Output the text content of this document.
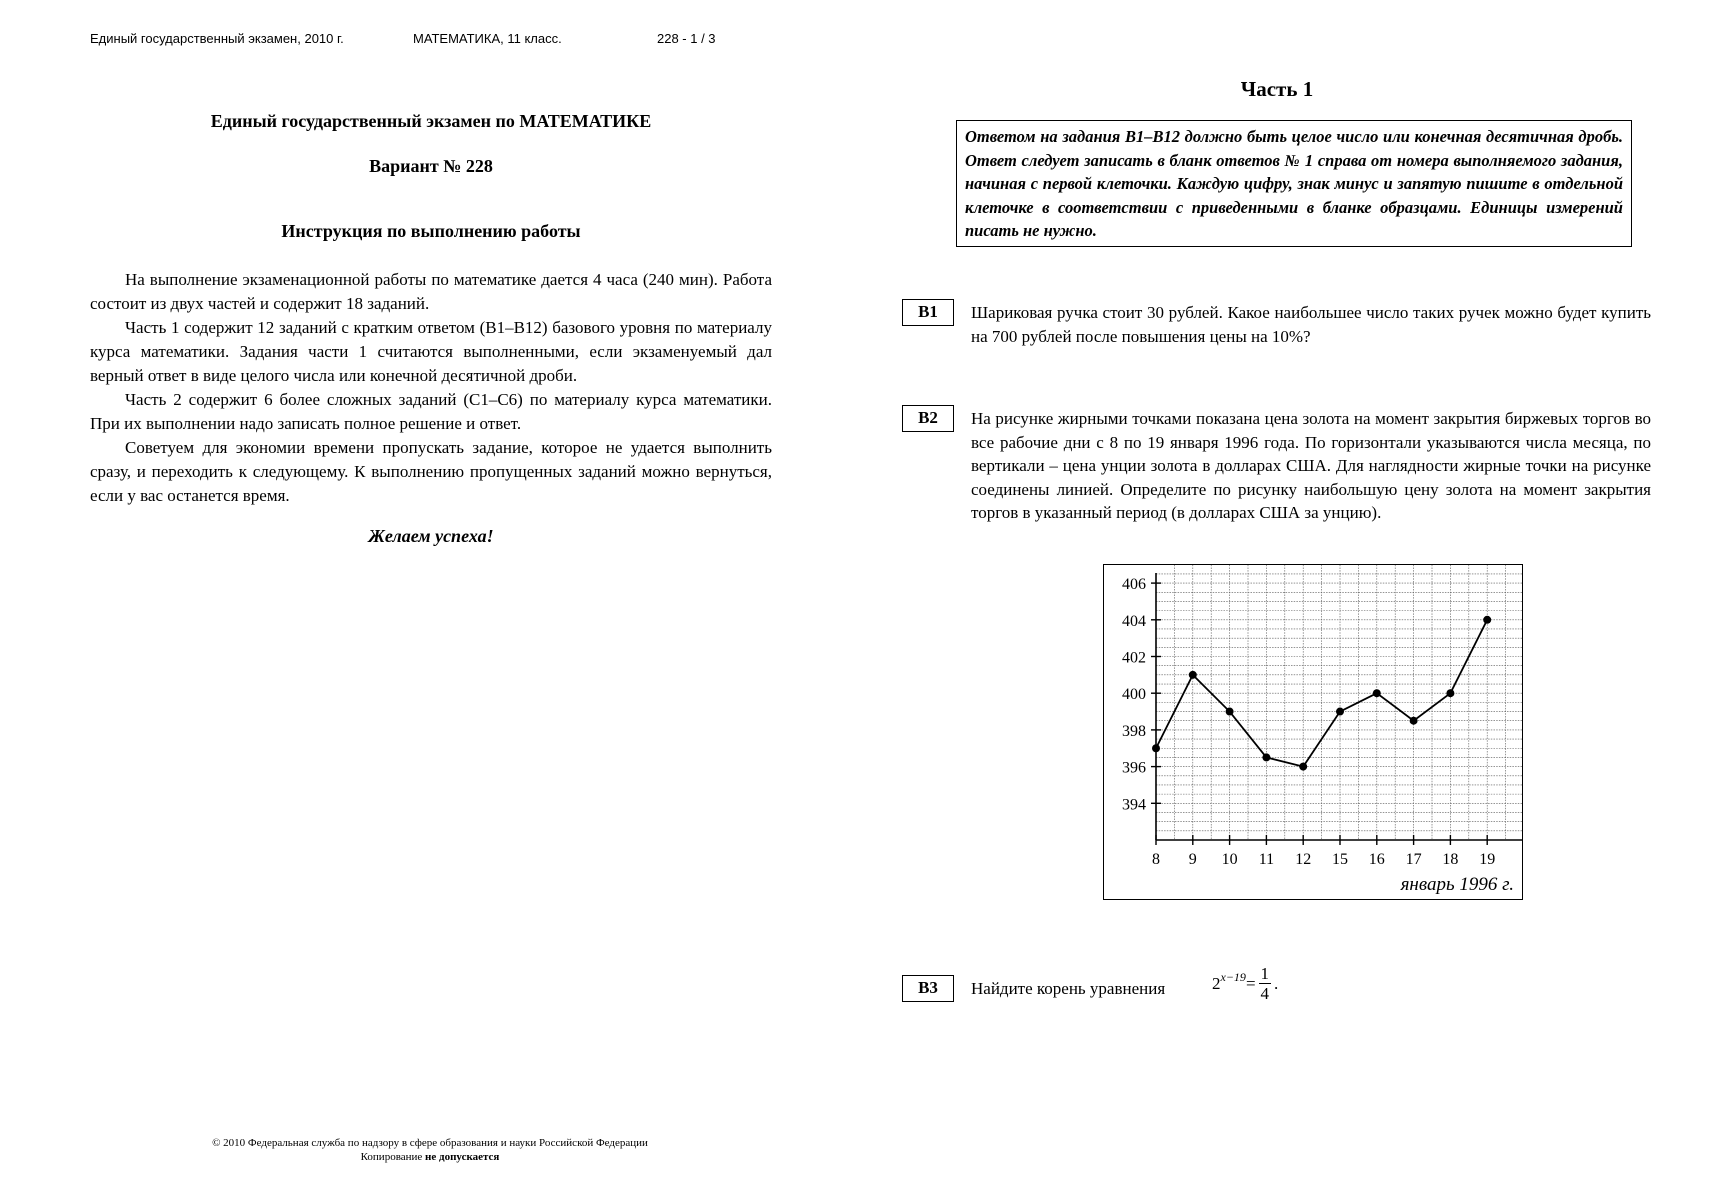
Единый государственный экзамен, 2010 г.	МАТЕМАТИКА, 11 класс.	228 - 1 / 3

Единый государственный экзамен по МАТЕМАТИКЕ

Вариант № 228

Инструкция по выполнению работы

На выполнение экзаменационной работы по математике дается 4 часа (240 мин). Работа состоит из двух частей и содержит 18 заданий.

Часть 1 содержит 12 заданий с кратким ответом (B1–B12) базового уровня по материалу курса математики. Задания части 1 считаются выполненными, если экзаменуемый дал верный ответ в виде целого числа или конечной десятичной дроби.

Часть 2 содержит 6 более сложных заданий (C1–C6) по материалу курса математики. При их выполнении надо записать полное решение и ответ.

Советуем для экономии времени пропускать задание, которое не удается выполнить сразу, и переходить к следующему. К выполнению пропущенных заданий можно вернуться, если у вас останется время.

Желаем успеха!
© 2010 Федеральная служба по надзору в сфере образования и науки Российской Федерации
Копирование не допускается
Часть 1
Ответом на задания B1–B12 должно быть целое число или конечная десятичная дробь. Ответ следует записать в бланк ответов № 1 справа от номера выполняемого задания, начиная с первой клеточки. Каждую цифру, знак минус и запятую пишите в отдельной клеточке в соответствии с приведенными в бланке образцами. Единицы измерений писать не нужно.
B1	Шариковая ручка стоит 30 рублей. Какое наибольшее число таких ручек можно будет купить на 700 рублей после повышения цены на 10%?
B2	На рисунке жирными точками показана цена золота на момент закрытия биржевых торгов во все рабочие дни с 8 по 19 января 1996 года. По горизонтали указываются числа месяца, по вертикали – цена унции золота в долларах США. Для наглядности жирные точки на рисунке соединены линией. Определите по рисунку наибольшую цену золота на момент закрытия торгов в указанный период (в долларах США за унцию).
394
396
398
400
402
404
406
8 9 10 11 12 15 16 17 18 19
январь 1996 г.
B3	Найдите корень уравнения	$2^{x-19} = \frac{1}{4}$ .
